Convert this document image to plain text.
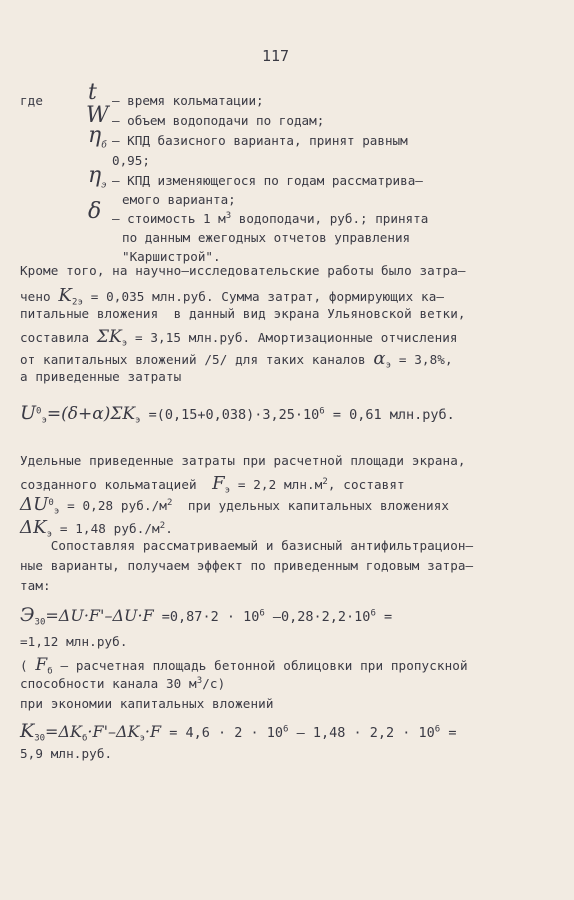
117
где t – время кольматации;
W – объем водоподачи по годам;
$\eta_б$ – КПД базисного варианта, принят равным
0,95;
$\eta_э$ – КПД изменяющегося по годам рассматрива–
емого варианта;
δ – стоимость 1 $м^3$ водоподачи, руб.; принята
по данным ежегодных отчетов управления
"Каршистрой".
Кроме того, на научно–исследовательские работы было затра–
чено $K_{2э} = 0,035$ млн.руб. Сумма затрат, формирующих ка–
питальные вложения  в данный вид экрана Ульяновской ветки,
составила $\Sigma K_э = 3,15$ млн.руб. Амортизационные отчисления
от капитальных вложений /5/ для таких каналов $\alpha_э = 3,8\%$,
а приведенные затраты
$U^0_э=(\delta+\alpha)\Sigma K_э =(0,15+0,038)\cdot 3,25\cdot 10^6 = 0,61$ млн.руб.
Удельные приведенные затраты при расчетной площади экрана,
созданного кольматацией  $F_э = 2,2$ $млн.м^2$, составят
$\Delta U^0_э = 0,28$ $руб./м^2$  при удельных капитальных вложениях
$\Delta K_э = 1,48$ $руб./м^2$.
Сопоставляя рассматриваемый и базисный антифильтрацион–
ные варианты, получаем эффект по приведенным годовым затра–
там:
$Э_{30}=\Delta U\cdot F'-\Delta U\cdot F =0,87\cdot 2 \cdot 10^6$ $-0,28\cdot 2,2\cdot 10^6$ =
=1,12 млн.руб.
( $F_б$ – расчетная площадь бетонной облицовки при пропускной
способности канала 30 $м^3/с$)
при экономии капитальных вложений
$K_{30}=\Delta K_б\cdot F'-\Delta K_э\cdot F = 4,6 \cdot 2 \cdot 10^6 - 1,48 \cdot 2,2 \cdot 10^6$ =
5,9 млн.руб.
